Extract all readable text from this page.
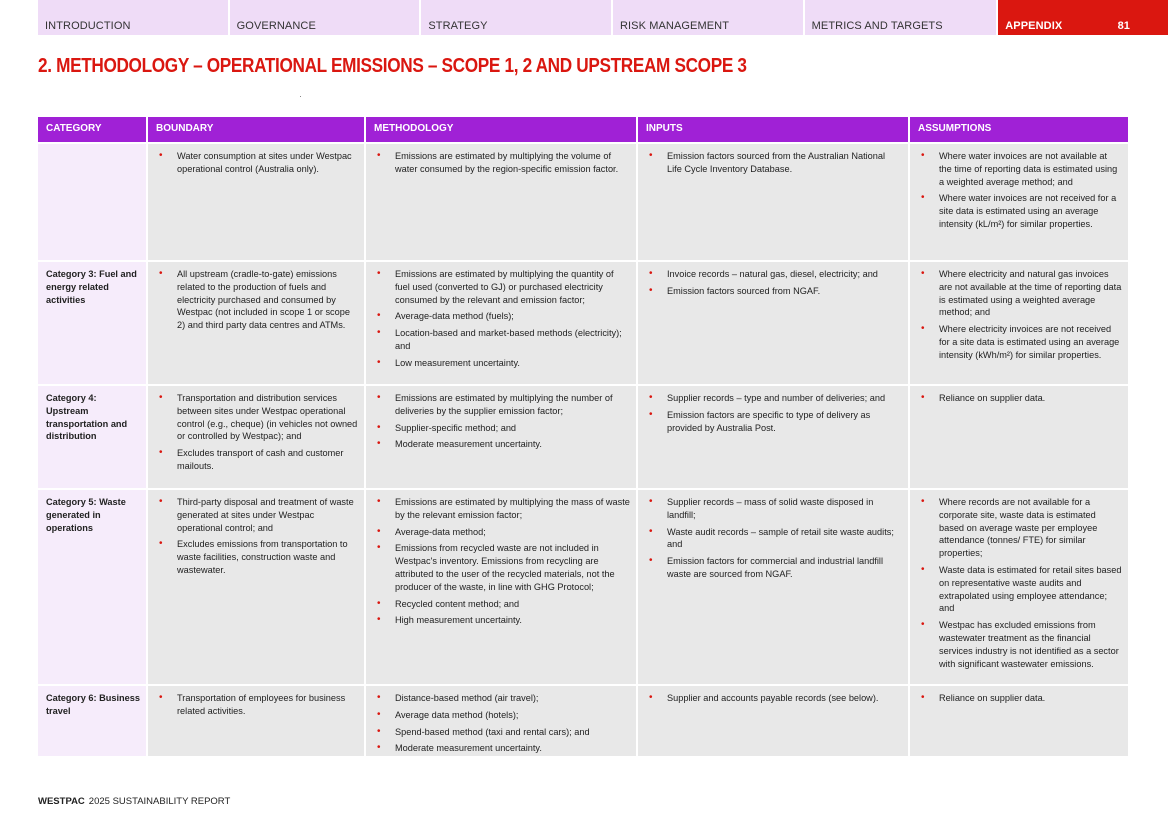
INTRODUCTION	GOVERNANCE	STRATEGY	RISK MANAGEMENT	METRICS AND TARGETS	APPENDIX	81
2. METHODOLOGY – OPERATIONAL EMISSIONS – SCOPE 1, 2 AND UPSTREAM SCOPE 3
CATEGORY	BOUNDARY	METHODOLOGY	INPUTS	ASSUMPTIONS
• Water consumption at sites under Westpac operational control (Australia only).
• Emissions are estimated by multiplying the volume of water consumed by the region-specific emission factor.
• Emission factors sourced from the Australian National Life Cycle Inventory Database.
• Where water invoices are not available at the time of reporting data is estimated using a weighted average method; and
• Where water invoices are not received for a site data is estimated using an average intensity (kL/m²) for similar properties.
Category 3: Fuel and energy related activities
• All upstream (cradle-to-gate) emissions related to the production of fuels and electricity purchased and consumed by Westpac (not included in scope 1 or scope 2) and third party data centres and ATMs.
• Emissions are estimated by multiplying the quantity of fuel used (converted to GJ) or purchased electricity consumed by the relevant and emission factor;
• Average-data method (fuels);
• Location-based and market-based methods (electricity); and
• Low measurement uncertainty.
• Invoice records – natural gas, diesel, electricity; and
• Emission factors sourced from NGAF.
• Where electricity and natural gas invoices are not available at the time of reporting data is estimated using a weighted average method; and
• Where electricity invoices are not received for a site data is estimated using an average intensity (kWh/m²) for similar properties.
Category 4: Upstream transportation and distribution
• Transportation and distribution services between sites under Westpac operational control (e.g., cheque) (in vehicles not owned or controlled by Westpac); and
• Excludes transport of cash and customer mailouts.
• Emissions are estimated by multiplying the number of deliveries by the supplier emission factor;
• Supplier-specific method; and
• Moderate measurement uncertainty.
• Supplier records – type and number of deliveries; and
• Emission factors are specific to type of delivery as provided by Australia Post.
• Reliance on supplier data.
Category 5: Waste generated in operations
• Third-party disposal and treatment of waste generated at sites under Westpac operational control; and
• Excludes emissions from transportation to waste facilities, construction waste and wastewater.
• Emissions are estimated by multiplying the mass of waste by the relevant emission factor;
• Average-data method;
• Emissions from recycled waste are not included in Westpac's inventory. Emissions from recycling are attributed to the user of the recycled materials, not the producer of the waste, in line with GHG Protocol;
• Recycled content method; and
• High measurement uncertainty.
• Supplier records – mass of solid waste disposed in landfill;
• Waste audit records – sample of retail site waste audits; and
• Emission factors for commercial and industrial landfill waste are sourced from NGAF.
• Where records are not available for a corporate site, waste data is estimated based on average waste per employee attendance (tonnes/ FTE) for similar properties;
• Waste data is estimated for retail sites based on representative waste audits and extrapolated using employee attendance; and
• Westpac has excluded emissions from wastewater treatment as the financial services industry is not identified as a sector with significant wastewater emissions.
Category 6: Business travel
• Transportation of employees for business related activities.
• Distance-based method (air travel);
• Average data method (hotels);
• Spend-based method (taxi and rental cars); and
• Moderate measurement uncertainty.
• Supplier and accounts payable records (see below).
•	Reliance on supplier data.
WESTPAC 2025 SUSTAINABILITY REPORT
